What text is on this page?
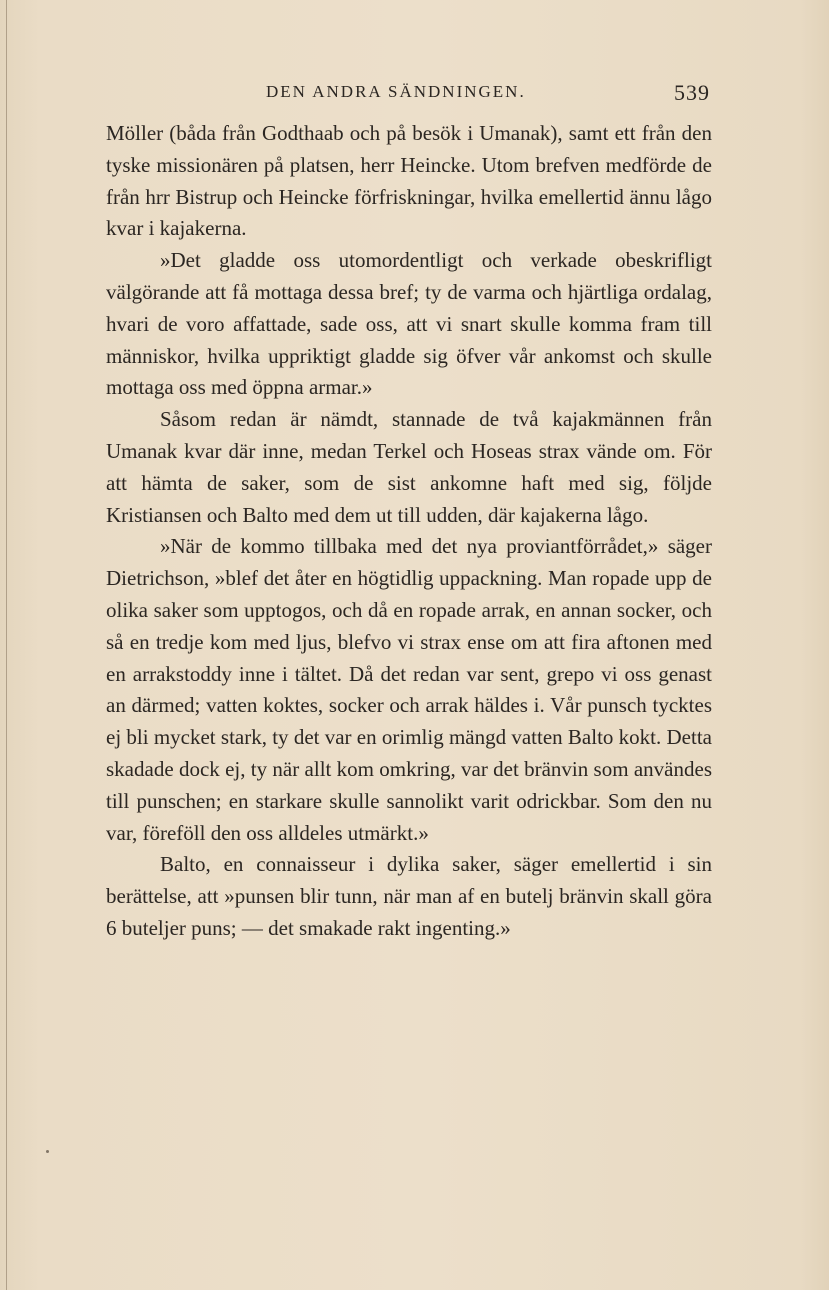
DEN ANDRA SÄNDNINGEN.	539

Möller (båda från Godthaab och på besök i Umanak), samt ett från den tyske missionären på platsen, herr Heincke. Utom brefven medförde de från hrr Bistrup och Heincke förfriskningar, hvilka emellertid ännu lågo kvar i kajakerna.

»Det gladde oss utomordentligt och verkade obeskrifligt välgörande att få mottaga dessa bref; ty de varma och hjärtliga ordalag, hvari de voro affattade, sade oss, att vi snart skulle komma fram till människor, hvilka uppriktigt gladde sig öfver vår ankomst och skulle mottaga oss med öppna armar.»

Såsom redan är nämdt, stannade de två kajakmännen från Umanak kvar där inne, medan Terkel och Hoseas strax vände om. För att hämta de saker, som de sist ankomne haft med sig, följde Kristiansen och Balto med dem ut till udden, där kajakerna lågo.

»När de kommo tillbaka med det nya proviantförrådet,» säger Dietrichson, »blef det åter en högtidlig uppackning. Man ropade upp de olika saker som upptogos, och då en ropade arrak, en annan socker, och så en tredje kom med ljus, blefvo vi strax ense om att fira aftonen med en arrakstoddy inne i tältet. Då det redan var sent, grepo vi oss genast an därmed; vatten koktes, socker och arrak häldes i. Vår punsch tycktes ej bli mycket stark, ty det var en orimlig mängd vatten Balto kokt. Detta skadade dock ej, ty när allt kom omkring, var det bränvin som användes till punschen; en starkare skulle sannolikt varit odrickbar. Som den nu var, föreföll den oss alldeles utmärkt.»

Balto, en connaisseur i dylika saker, säger emellertid i sin berättelse, att »punsen blir tunn, när man af en butelj bränvin skall göra 6 buteljer puns; — det smakade rakt ingenting.»
